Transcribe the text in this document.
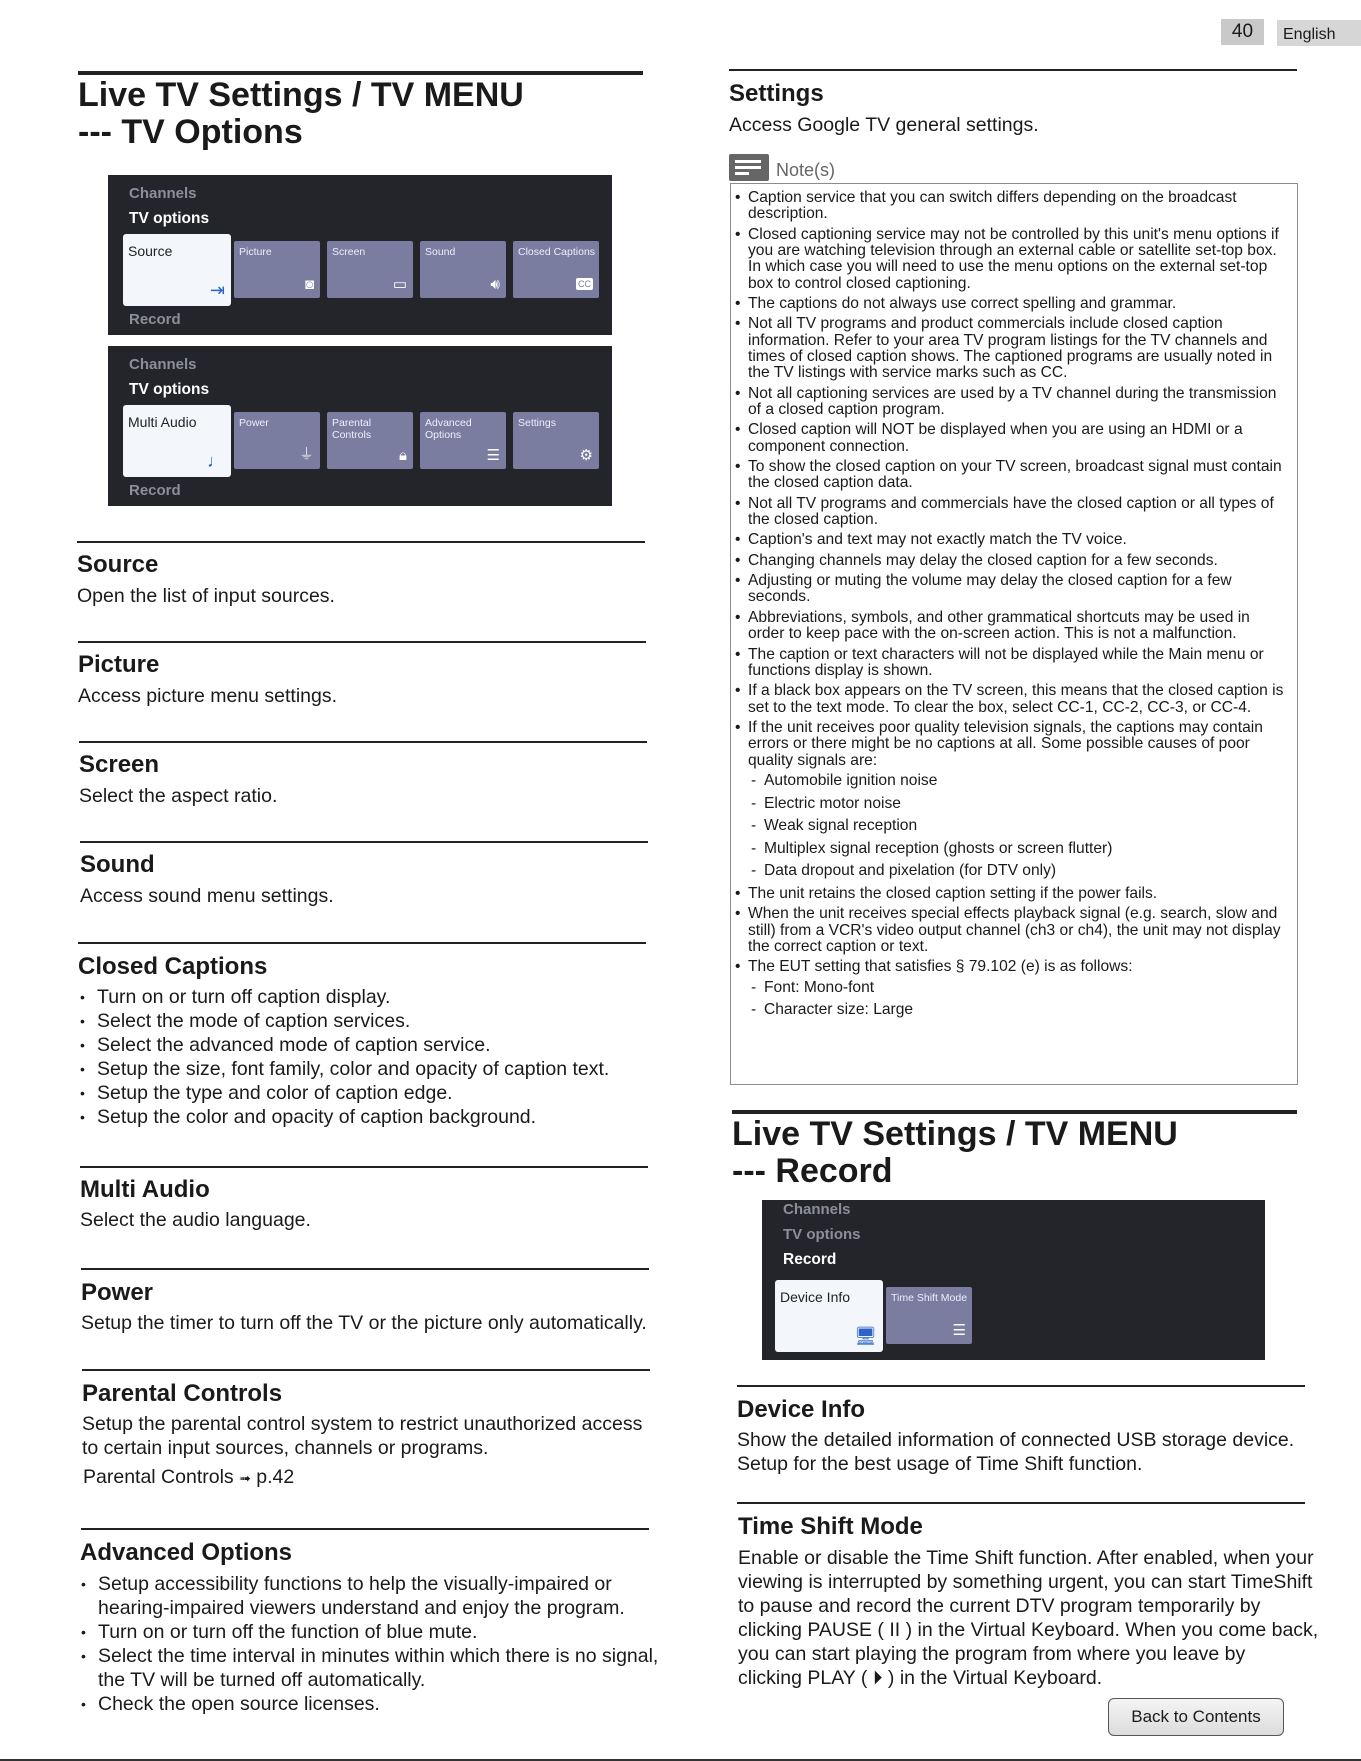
40	English
Live TV Settings / TV MENU
--- TV Options
Channels
TV options
Source
⇥
Picture
◙
Screen
▭
Sound
🔊︎
Closed Captions
CC
Record
Channels
TV options
Multi Audio
♩
Power
⏚
Parental Controls
🔒︎
Advanced Options
☰
Settings
⚙
Record
Source
Open the list of input sources.
Picture
Access picture menu settings.
Screen
Select the aspect ratio.
Sound
Access sound menu settings.
Closed Captions
• Turn on or turn off caption display.
• Select the mode of caption services.
• Select the advanced mode of caption service.
• Setup the size, font family, color and opacity of caption text.
• Setup the type and color of caption edge.
• Setup the color and opacity of caption background.
Multi Audio
Select the audio language.
Power
Setup the timer to turn off the TV or the picture only automatically.
Parental Controls
Setup the parental control system to restrict unauthorized access
to certain input sources, channels or programs.
Parental Controls ➟ p.42
Advanced Options
• Setup accessibility functions to help the visually-impaired or hearing-impaired viewers understand and enjoy the program.
• Turn on or turn off the function of blue mute.
• Select the time interval in minutes within which there is no signal, the TV will be turned off automatically.
• Check the open source licenses.
Settings
Access Google TV general settings.
Note(s)
• Caption service that you can switch differs depending on the broadcast description.
• Closed captioning service may not be controlled by this unit's menu options if you are watching television through an external cable or satellite set-top box. In which case you will need to use the menu options on the external set-top box to control closed captioning.
• The captions do not always use correct spelling and grammar.
• Not all TV programs and product commercials include closed caption information. Refer to your area TV program listings for the TV channels and times of closed caption shows. The captioned programs are usually noted in the TV listings with service marks such as CC.
• Not all captioning services are used by a TV channel during the transmission of a closed caption program.
• Closed caption will NOT be displayed when you are using an HDMI or a component connection.
• To show the closed caption on your TV screen, broadcast signal must contain the closed caption data.
• Not all TV programs and commercials have the closed caption or all types of the closed caption.
• Caption's and text may not exactly match the TV voice.
• Changing channels may delay the closed caption for a few seconds.
• Adjusting or muting the volume may delay the closed caption for a few seconds.
• Abbreviations, symbols, and other grammatical shortcuts may be used in order to keep pace with the on-screen action. This is not a malfunction.
• The caption or text characters will not be displayed while the Main menu or functions display is shown.
• If a black box appears on the TV screen, this means that the closed caption is set to the text mode. To clear the box, select CC-1, CC-2, CC-3, or CC-4.
• If the unit receives poor quality television signals, the captions may contain errors or there might be no captions at all. Some possible causes of poor quality signals are:
- Automobile ignition noise
- Electric motor noise
- Weak signal reception
- Multiplex signal reception (ghosts or screen flutter)
- Data dropout and pixelation (for DTV only)
• The unit retains the closed caption setting if the power fails.
• When the unit receives special effects playback signal (e.g. search, slow and still) from a VCR's video output channel (ch3 or ch4), the unit may not display the correct caption or text.
• The EUT setting that satisfies § 79.102 (e) is as follows:
- Font: Mono-font
- Character size: Large
Live TV Settings / TV MENU
--- Record
Channels
TV options
Record
Device Info
🖥︎
Time Shift Mode
☰
Device Info
Show the detailed information of connected USB storage device.
Setup for the best usage of Time Shift function.
Time Shift Mode
Enable or disable the Time Shift function. After enabled, when your
viewing is interrupted by something urgent, you can start TimeShift
to pause and record the current DTV program temporarily by
clicking PAUSE ( II ) in the Virtual Keyboard. When you come back,
you can start playing the program from where you leave by
clicking PLAY ( ⏵ ) in the Virtual Keyboard.
Back to Contents
